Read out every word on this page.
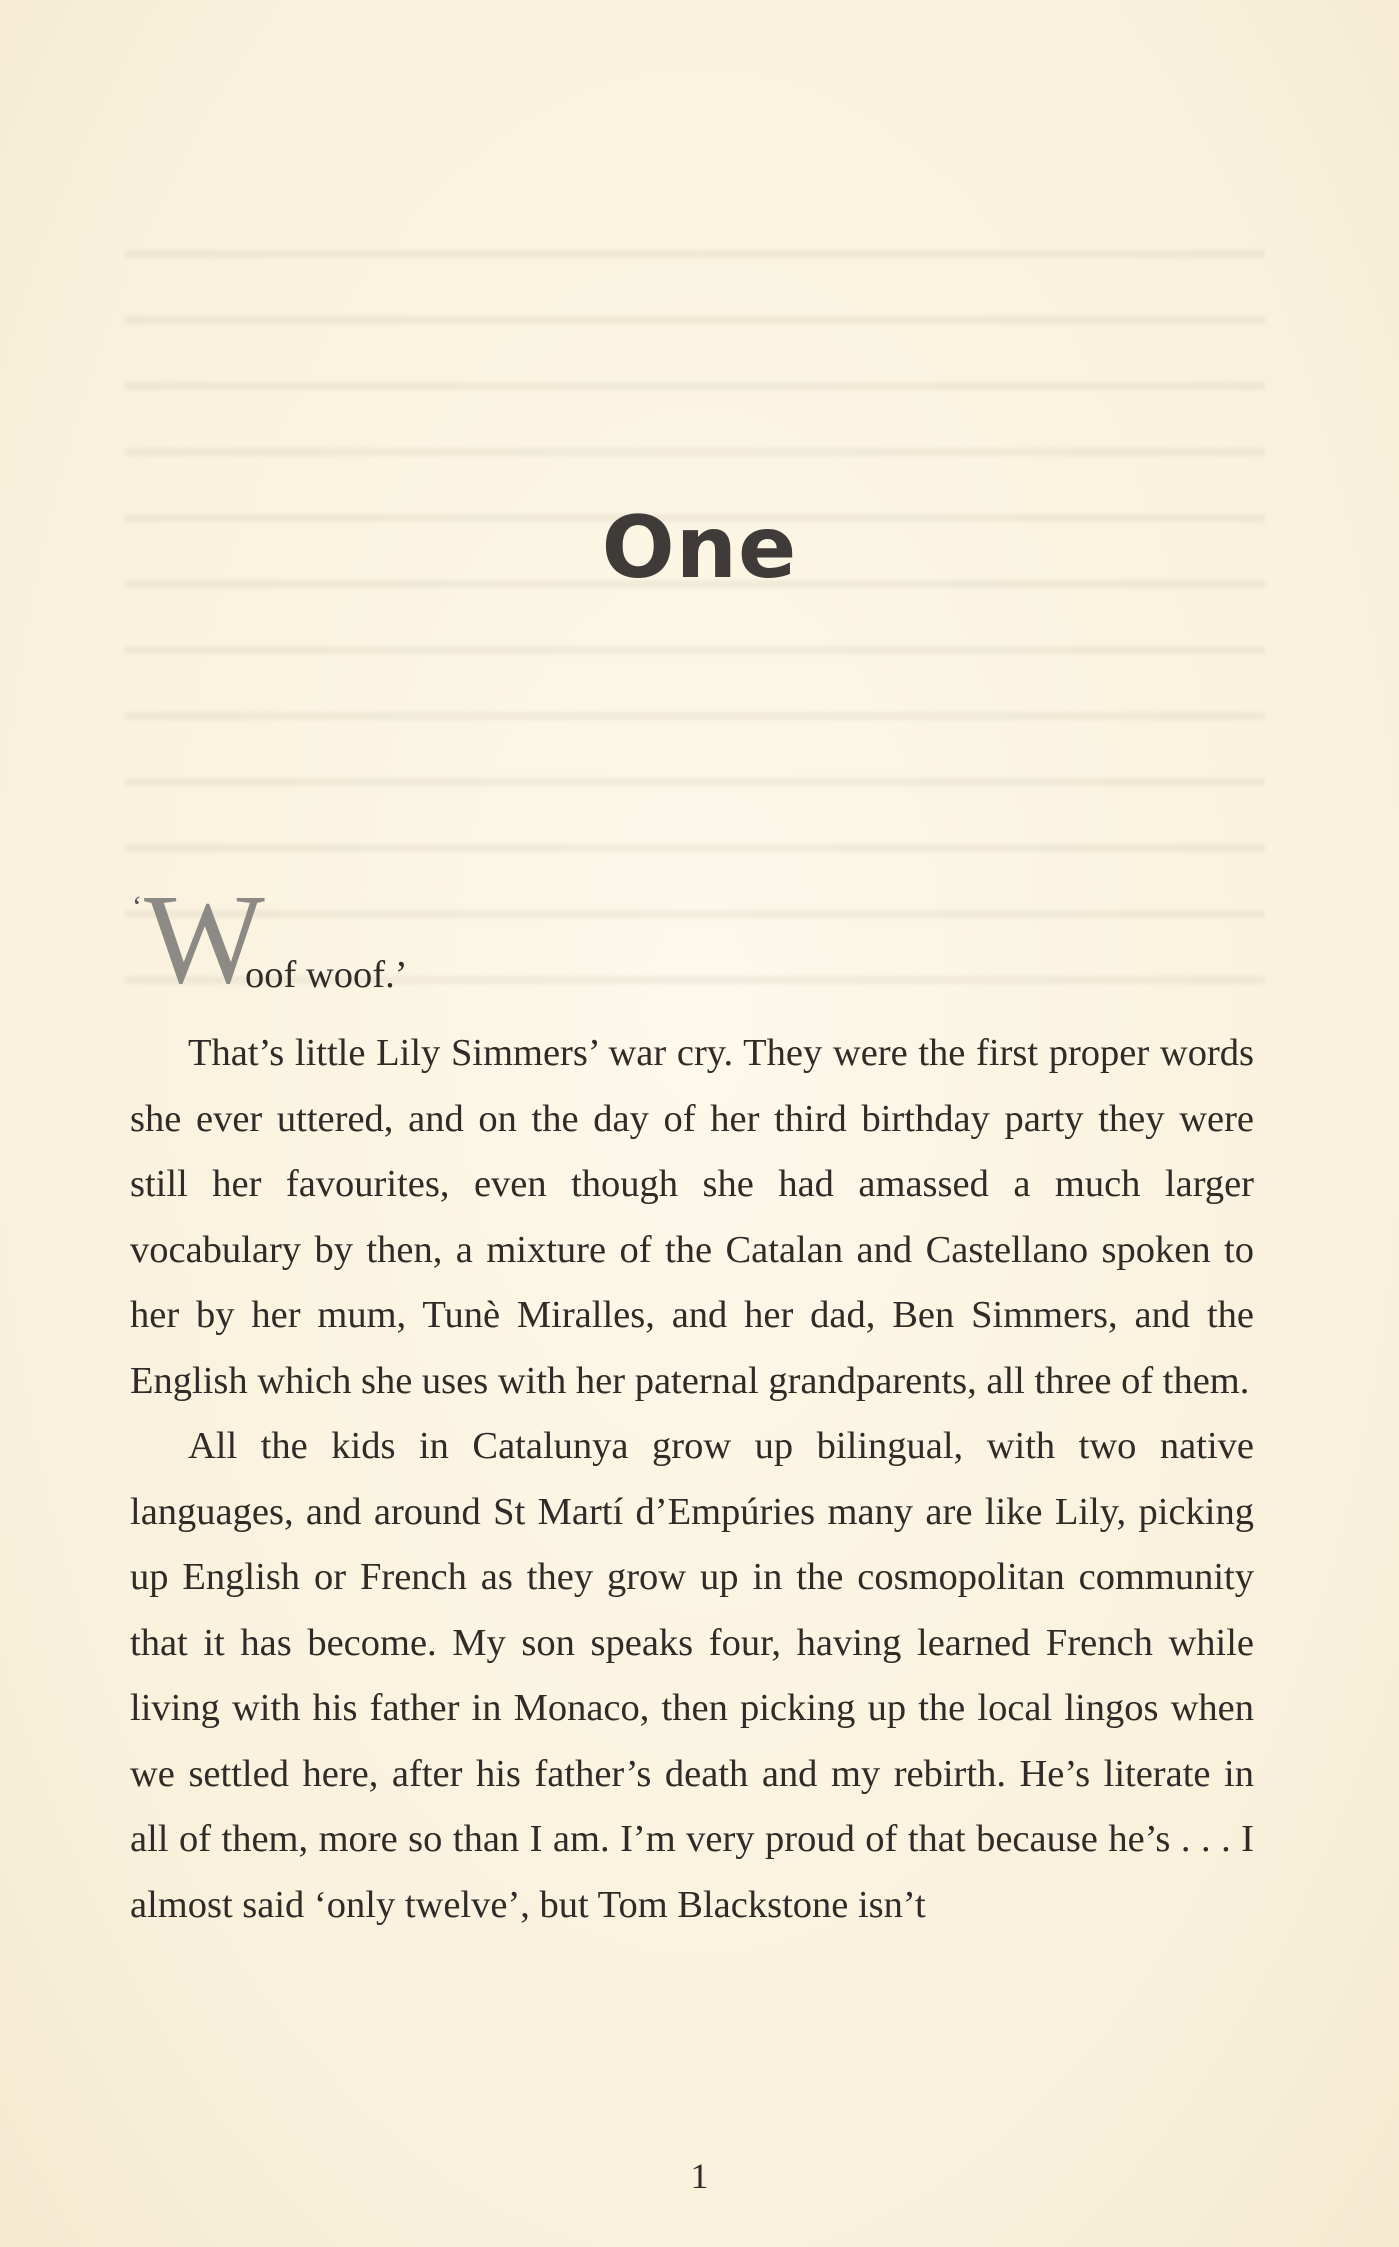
One
‘ W
oof woof.’

That’s little Lily Simmers’ war cry. They were the first proper words she ever uttered, and on the day of her third birthday party they were still her favourites, even though she had amassed a much larger vocabulary by then, a mixture of the Catalan and Castellano spoken to her by her mum, Tunè Miralles, and her dad, Ben Simmers, and the English which she uses with her paternal grandparents, all three of them.

All the kids in Catalunya grow up bilingual, with two native languages, and around St Martí d’Empúries many are like Lily, picking up English or French as they grow up in the cosmopolitan community that it has become. My son speaks four, having learned French while living with his father in Monaco, then picking up the local lingos when we settled here, after his father’s death and my rebirth. He’s literate in all of them, more so than I am. I’m very proud of that because he’s . . . I almost said ‘only twelve’, but Tom Blackstone isn’t

1
